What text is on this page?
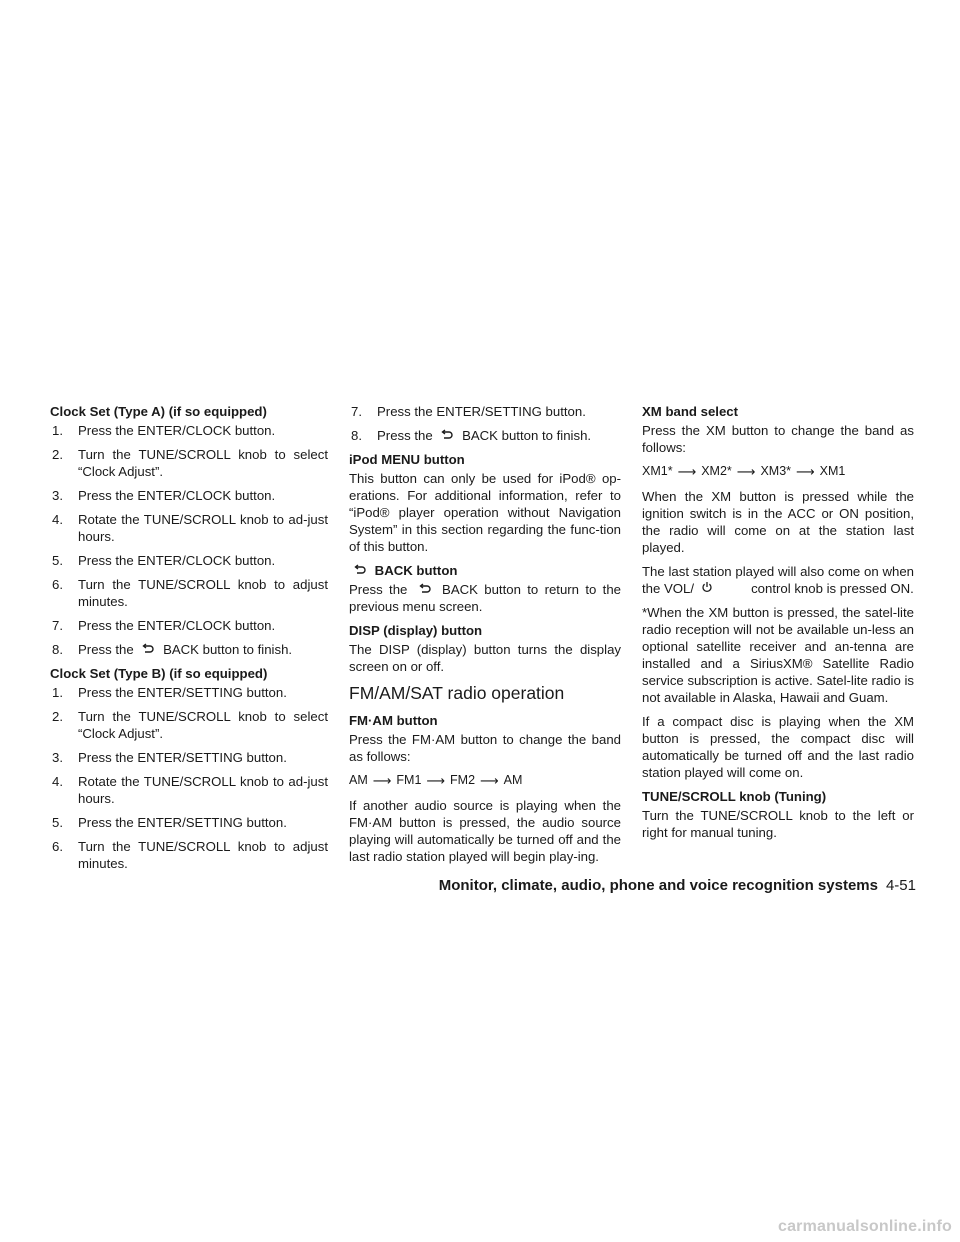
Clock Set (Type A) (if so equipped)
1.	Press the ENTER/CLOCK button.
2.	Turn the TUNE/SCROLL knob to select “Clock Adjust”.
3.	Press the ENTER/CLOCK button.
4.	Rotate the TUNE/SCROLL knob to ad-just hours.
5.	Press the ENTER/CLOCK button.
6.	Turn the TUNE/SCROLL knob to adjust minutes.
7.	Press the ENTER/CLOCK button.
8.	Press the BACK button to finish.
Clock Set (Type B) (if so equipped)
1.	Press the ENTER/SETTING button.
2.	Turn the TUNE/SCROLL knob to select “Clock Adjust”.
3.	Press the ENTER/SETTING button.
4.	Rotate the TUNE/SCROLL knob to ad-just hours.
5.	Press the ENTER/SETTING button.
6.	Turn the TUNE/SCROLL knob to adjust minutes.
7.	Press the ENTER/SETTING button.
8.	Press the BACK button to finish.
iPod MENU button
This button can only be used for iPod® op-erations. For additional information, refer to “iPod® player operation without Navigation System” in this section regarding the func-tion of this button.
BACK button
Press the	BACK button to return to the previous menu screen.
DISP (display) button
The DISP (display) button turns the display screen on or off.
FM/AM/SAT radio operation
FM·AM button
Press the FM·AM button to change the band as follows:
AM ⟶ FM1 ⟶ FM2 ⟶ AM
If another audio source is playing when the FM·AM button is pressed, the audio source playing will automatically be turned off and the last radio station played will begin play-ing.
XM band select
Press the XM button to change the band as follows:
XM1* ⟶ XM2* ⟶ XM3* ⟶ XM1
When the XM button is pressed while the ignition switch is in the ACC or ON position, the radio will come on at the station last played.
The last station played will also come on when the VOL/	control knob is pressed ON.
*When the XM button is pressed, the satel-lite radio reception will not be available un-less an optional satellite receiver and an-tenna are installed and a SiriusXM® Satellite Radio service subscription is active. Satel-lite radio is not available in Alaska, Hawaii and Guam.
If a compact disc is playing when the XM button is pressed, the compact disc will automatically be turned off and the last radio station played will come on.
TUNE/SCROLL knob (Tuning)
Turn the TUNE/SCROLL knob to the left or right for manual tuning.
Monitor, climate, audio, phone and voice recognition systems 4-51
carmanualsonline.info
